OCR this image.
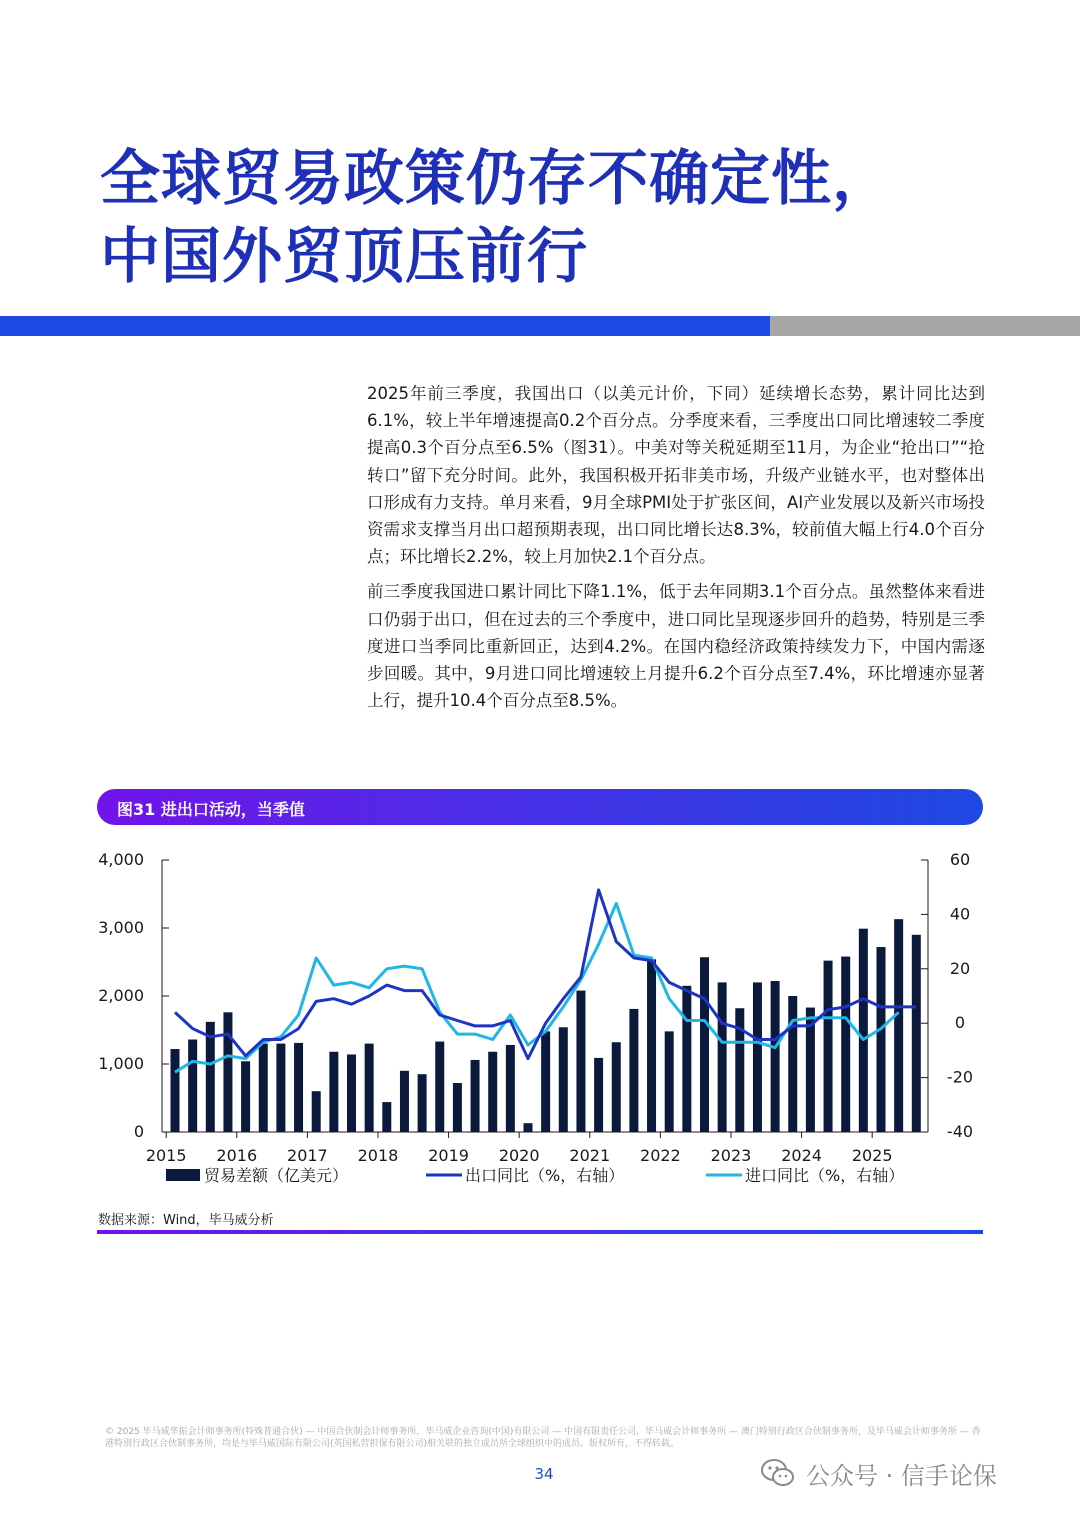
全球贸易政策仍存不确定性，
中国外贸顶压前行

2025年前三季度，我国出口（以美元计价，下同）延续增长态势，累计同比达到6.1%，较上半年增速提高0.2个百分点。分季度来看，三季度出口同比增速较二季度提高0.3个百分点至6.5%（图31）。中美对等关税延期至11月，为企业“抢出口”“抢转口”留下充分时间。此外，我国积极开拓非美市场，升级产业链水平，也对整体出口形成有力支持。单月来看，9月全球PMI处于扩张区间，AI产业发展以及新兴市场投资需求支撑当月出口超预期表现，出口同比增长达8.3%，较前值大幅上行4.0个百分点；环比增长2.2%，较上月加快2.1个百分点。

前三季度我国进口累计同比下降1.1%，低于去年同期3.1个百分点。虽然整体来看进口仍弱于出口，但在过去的三个季度中，进口同比呈现逐步回升的趋势，特别是三季度进口当季同比重新回正，达到4.2%。在国内稳经济政策持续发力下，中国内需逐步回暖。其中，9月进口同比增速较上月提升6.2个百分点至7.4%，环比增速亦显著上行，提升10.4个百分点至8.5%。

图31 进出口活动，当季值
0
1,000
2,000
3,000
4,000
-40
-20
0
20
40
60
2015 2016 2017 2018 2019 2020 2021 2022 2023 2024 2025
贸易差额（亿美元）	出口同比（%，右轴）	进口同比（%，右轴）
数据来源：Wind，毕马威分析
© 2025 毕马威华振会计师事务所(特殊普通合伙) — 中国合伙制会计师事务所，毕马威企业咨询(中国)有限公司 — 中国有限责任公司，毕马威会计师事务所 — 澳门特别行政区合伙制事务所，及毕马威会计师事务所 — 香港特别行政区合伙制事务所，均是与毕马威国际有限公司(英国私营担保有限公司)相关联的独立成员所全球组织中的成员。版权所有，不得转载。
34	公众号 · 信手论保
